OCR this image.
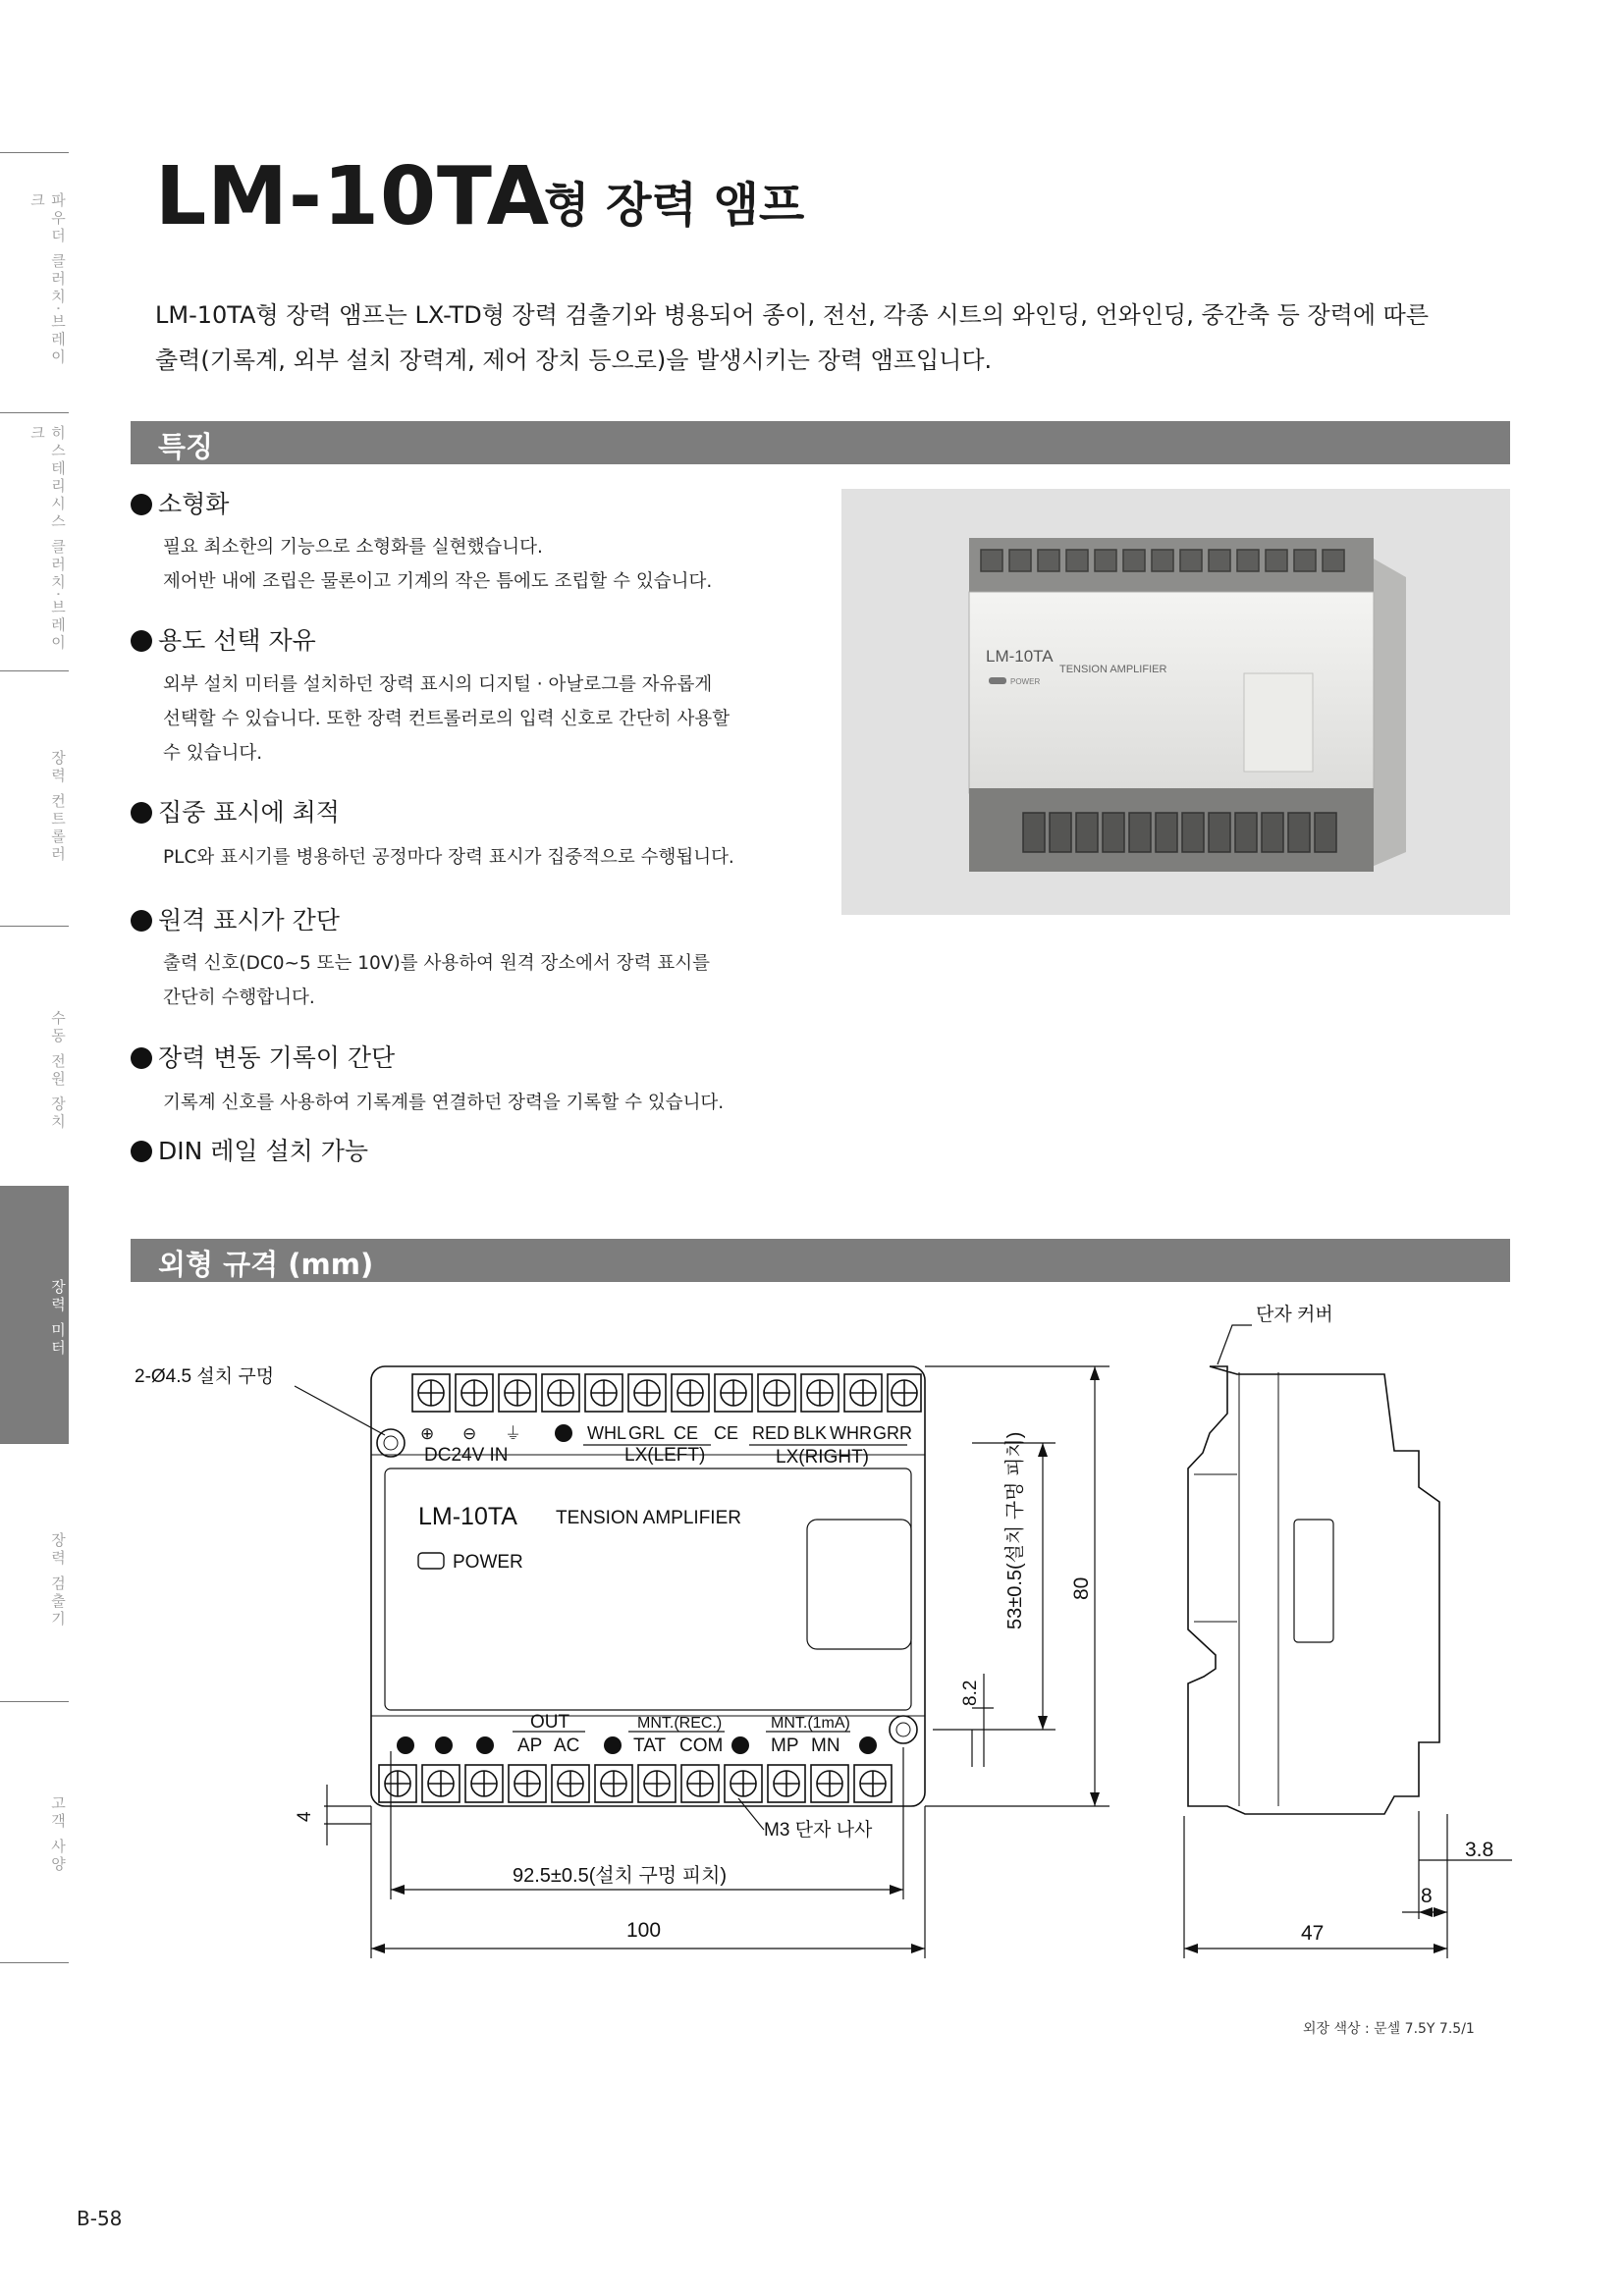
파우더 클러치·브레이크
히스테리시스 클러치·브레이크
장력 컨트롤러
수동 전원 장치
장력 미터
장력 검출기
고객 사양
LM-10TA
형 장력 앰프
LM-10TA형 장력 앰프는 LX-TD형 장력 검출기와 병용되어 종이, 전선, 각종 시트의 와인딩, 언와인딩, 중간축 등 장력에 따른
출력(기록계, 외부 설치 장력계, 제어 장치 등으로)을 발생시키는 장력 앰프입니다.
특징
소형화
필요 최소한의 기능으로 소형화를 실현했습니다.
제어반 내에 조립은 물론이고 기계의 작은 틈에도 조립할 수 있습니다.
용도 선택 자유
외부 설치 미터를 설치하던 장력 표시의 디지털 · 아날로그를 자유롭게
선택할 수 있습니다. 또한 장력 컨트롤러로의 입력 신호로 간단히 사용할
수 있습니다.
집중 표시에 최적
PLC와 표시기를 병용하던 공정마다 장력 표시가 집중적으로 수행됩니다.
원격 표시가 간단
출력 신호(DC0~5 또는 10V)를 사용하여 원격 장소에서 장력 표시를
간단히 수행합니다.
장력 변동 기록이 간단
기록계 신호를 사용하여 기록계를 연결하던 장력을 기록할 수 있습니다.
DIN 레일 설치 가능
LM-10TA
TENSION AMPLIFIER
POWER
외형 규격 (mm)
⊕ ⊖ ⏚	WHL GRL CE CE RED BLK WHR GRR
DC24V IN	LX(LEFT)	LX(RIGHT)
LM-10TA TENSION AMPLIFIER
POWER
OUT	MNT.(REC.)	MNT.(1mA)
AP AC	TAT COM	MP MN
2-Ø4.5 설치 구멍
M3 단자 나사
92.5±0.5(설치 구멍 피치)
100
4
53±0.5(설치 구멍 피치) 80
8.2
단자 커버
47
8
3.8
외장 색상 : 문셀 7.5Y 7.5/1
B-58
